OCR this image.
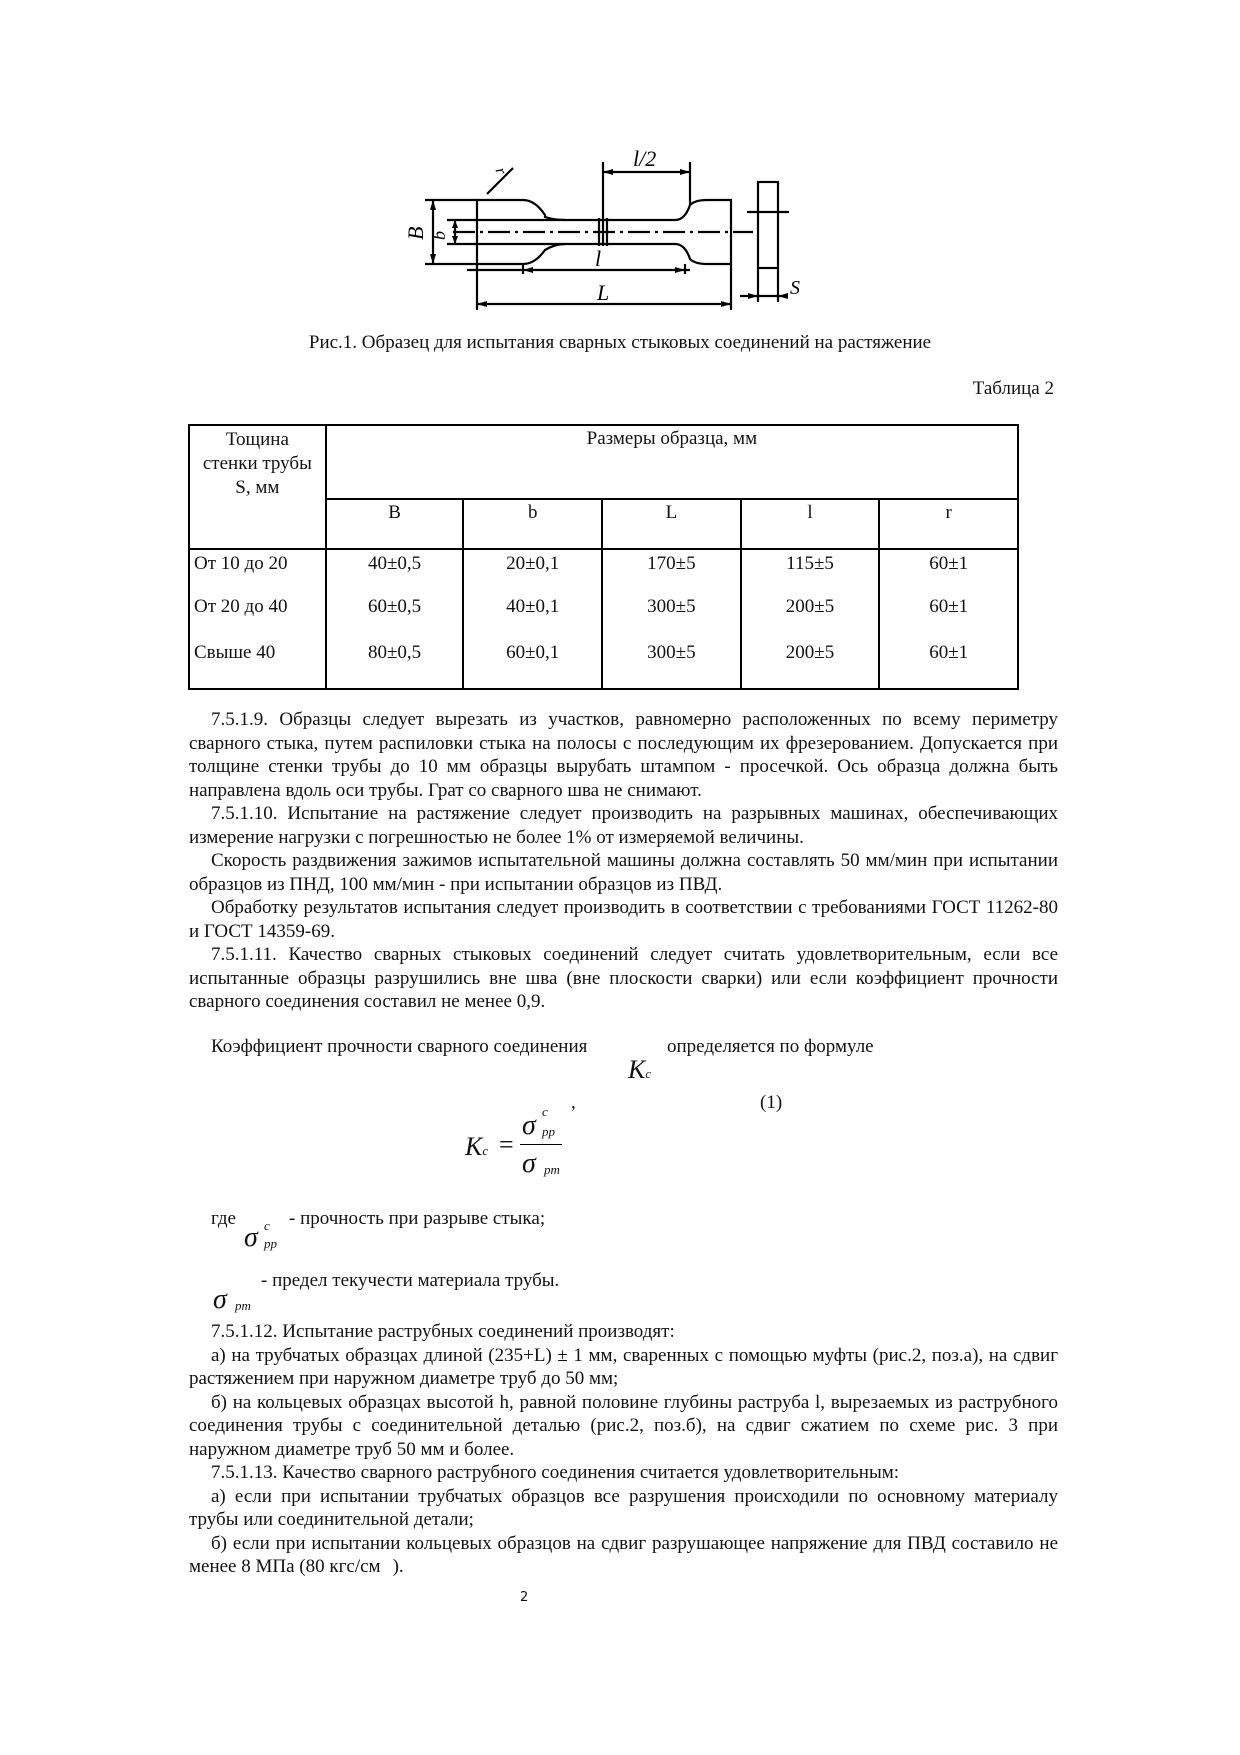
l/2
B b
r
l
L	S
Рис.1. Образец для испытания сварных стыковых соединений на растяжение
Таблица 2
Тощина
стенки трубы
S, мм	Размеры образца, мм				
	B	b	L	l	r
От 10 до 20	40±0,5	20±0,1	170±5	115±5	60±1
От 20 до 40	60±0,5	40±0,1	300±5	200±5	60±1
Свыше 40	80±0,5	60±0,1	300±5	200±5	60±1

7.5.1.9. Образцы следует вырезать из участков, равномерно расположенных по всему периметру сварного стыка, путем распиловки стыка на полосы с последующим их фрезерованием. Допускается при толщине стенки трубы до 10 мм образцы вырубать штампом - просечкой. Ось образца должна быть направлена вдоль оси трубы. Грат со сварного шва не снимают.

7.5.1.10. Испытание на растяжение следует производить на разрывных машинах, обеспечивающих измерение нагрузки с погрешностью не более 1% от измеряемой величины.

Скорость раздвижения зажимов испытательной машины должна составлять 50 мм/мин при испытании образцов из ПНД, 100 мм/мин - при испытании образцов из ПВД.

Обработку результатов испытания следует производить в соответствии с требованиями ГОСТ 11262-80 и ГОСТ 14359-69.

7.5.1.11. Качество сварных стыковых соединений следует считать удовлетворительным, если все испытанные образцы разрушились вне шва (вне плоскости сварки) или если коэффициент прочности сварного соединения составил не менее 0,9.

Коэффициент прочности сварного соединения	определяется по формуле
Kc
,	(1)
Kc =
σ c
pp
σ pm
где	- прочность при разрыве стыка;
σ c
pp
- предел текучести материала трубы.
σ pm

7.5.1.12. Испытание раструбных соединений производят:

а) на трубчатых образцах длиной (235+L) ± 1 мм, сваренных с помощью муфты (рис.2, поз.а), на сдвиг растяжением при наружном диаметре труб до 50 мм;

б) на кольцевых образцах высотой h, равной половине глубины раструба l, вырезаемых из раструбного соединения трубы с соединительной деталью (рис.2, поз.б), на сдвиг сжатием по схеме рис. 3 при наружном диаметре труб 50 мм и более.

7.5.1.13. Качество сварного раструбного соединения считается удовлетворительным:

а) если при испытании трубчатых образцов все разрушения происходили по основному материалу трубы или соединительной детали;

б) если при испытании кольцевых образцов на сдвиг разрушающее напряжение для ПВД составило не менее 8 МПа (80 кгс/см ).

2
